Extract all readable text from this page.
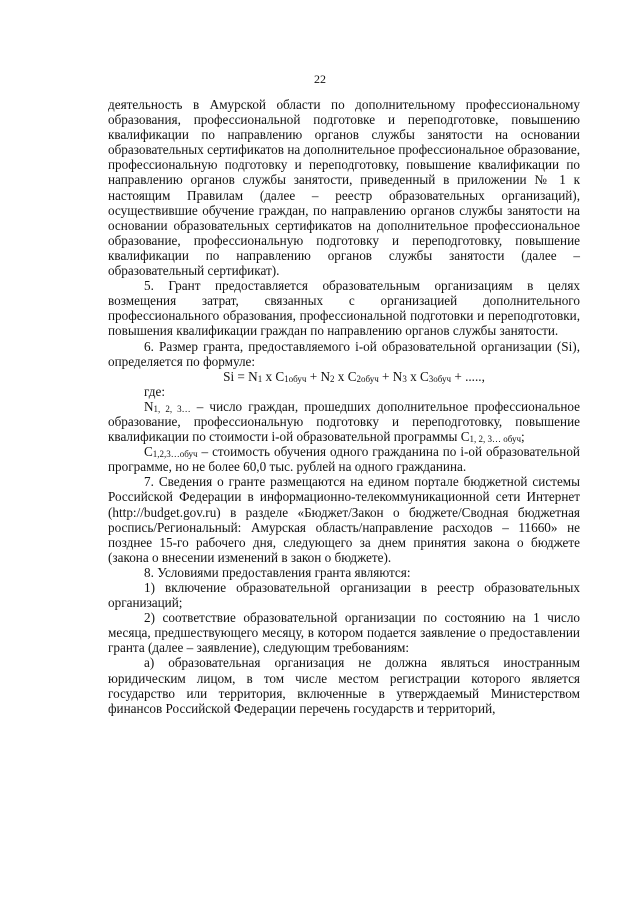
22

деятельность в Амурской области по дополнительному профессиональному образования, профессиональной подготовке и переподготовке, повышению квалификации по направлению органов службы занятости на основании образовательных сертификатов на дополнительное профессиональное образование, профессиональную подготовку и переподготовку, повышение квалификации по направлению органов службы занятости, приведенный в приложении № 1 к настоящим Правилам (далее – реестр образовательных организаций), осуществившие обучение граждан, по направлению органов службы занятости на основании образовательных сертификатов на дополнительное профессиональное образование, профессиональную подготовку и переподготовку, повышение квалификации по направлению органов службы занятости (далее – образовательный сертификат).

5. Грант предоставляется образовательным организациям в целях возмещения затрат, связанных с организацией дополнительного профессионального образования, профессиональной подготовки и переподготовки, повышения квалификации граждан по направлению органов службы занятости.

6. Размер гранта, предоставляемого i-ой образовательной организации (Si), определяется по формуле:

$Si = N_1$ x $C_{1обуч} + N_2$ x $C_{2обуч} + N_3$ x $C_{3обуч}$ + .....,

где:

$N_{1, 2, 3\dots}$ – число граждан, прошедших дополнительное профессиональное образование, профессиональную подготовку и переподготовку, повышение квалификации по стоимости i-ой образовательной программы $С_{1, 2, 3\dots обуч}$;

$С_{1,2,3\dots обуч}$ – стоимость обучения одного гражданина по i-ой образовательной программе, но не более 60,0 тыс. рублей на одного гражданина.

7. Сведения о гранте размещаются на едином портале бюджетной системы Российской Федерации в информационно-телекоммуникационной сети Интернет (http://budget.gov.ru) в разделе «Бюджет/Закон о бюджете/Сводная бюджетная роспись/Региональный: Амурская область/направление расходов – 11660» не позднее 15-го рабочего дня, следующего за днем принятия закона о бюджете (закона о внесении изменений в закон о бюджете).

8. Условиями предоставления гранта являются:

1) включение образовательной организации в реестр образовательных организаций;

2) соответствие образовательной организации по состоянию на 1 число месяца, предшествующего месяцу, в котором подается заявление о предоставлении гранта (далее – заявление), следующим требованиям:

а) образовательная организация не должна являться иностранным юридическим лицом, в том числе местом регистрации которого является государство или территория, включенные в утверждаемый Министерством финансов Российской Федерации перечень государств и территорий,
